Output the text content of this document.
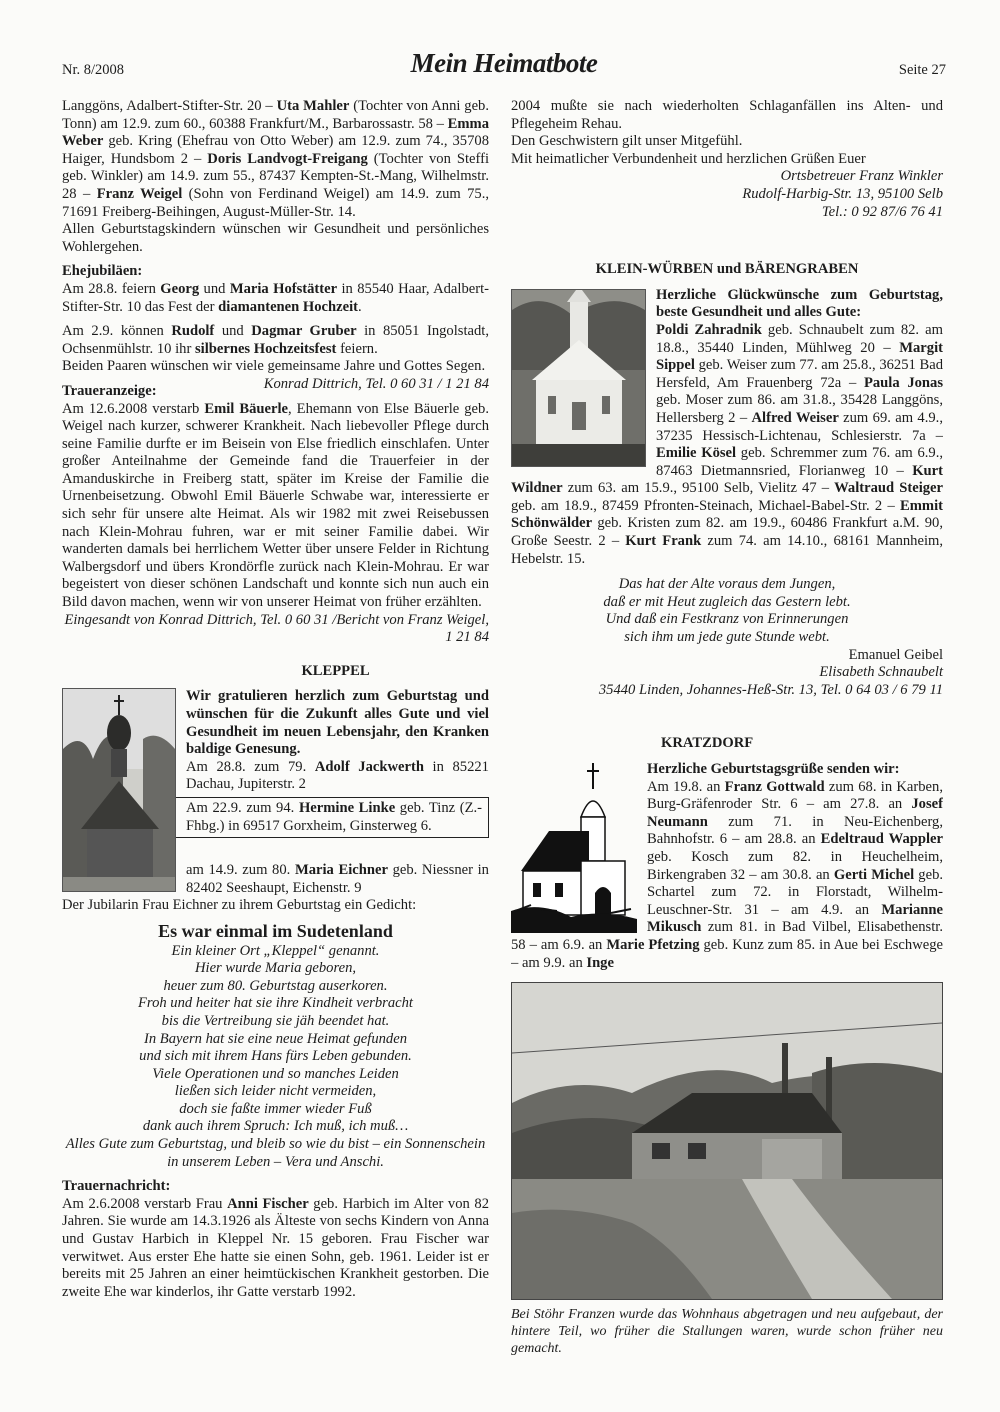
Nr. 8/2008	Mein Heimatbote	Seite 27

Langgöns, Adalbert-Stifter-Str. 20 – Uta Mahler (Tochter von Anni geb. Tonn) am 12.9. zum 60., 60388 Frankfurt/M., Barbarossastr. 58 – Emma Weber geb. Kring (Ehefrau von Otto Weber) am 12.9. zum 74., 35708 Haiger, Hundsbom 2 – Doris Landvogt-Freigang (Tochter von Steffi geb. Winkler) am 14.9. zum 55., 87437 Kempten-St.-Mang, Wilhelmstr. 28 – Franz Weigel (Sohn von Ferdinand Weigel) am 14.9. zum 75., 71691 Freiberg-Beihingen, August-Müller-Str. 14.

Allen Geburtstagskindern wünschen wir Gesundheit und persönliches Wohlergehen.

Ehejubiläen:

Am 28.8. feiern Georg und Maria Hofstätter in 85540 Haar, Adalbert-Stifter-Str. 10 das Fest der diamantenen Hochzeit.

Am 2.9. können Rudolf und Dagmar Gruber in 85051 Ingolstadt, Ochsenmühlstr. 10 ihr silbernes Hochzeitsfest feiern.

Beiden Paaren wünschen wir viele gemeinsame Jahre und Gottes Segen.
Konrad Dittrich, Tel. 0 60 31 / 1 21 84

Traueranzeige:

Am 12.6.2008 verstarb Emil Bäuerle, Ehemann von Else Bäuerle geb. Weigel nach kurzer, schwerer Krankheit. Nach liebevoller Pflege durch seine Familie durfte er im Beisein von Else friedlich einschlafen. Unter großer Anteilnahme der Gemeinde fand die Trauerfeier in der Amanduskirche in Freiberg statt, später im Kreise der Familie die Urnenbeisetzung. Obwohl Emil Bäuerle Schwabe war, interessierte er sich sehr für unsere alte Heimat. Als wir 1982 mit zwei Reisebussen nach Klein-Mohrau fuhren, war er mit seiner Familie dabei. Wir wanderten damals bei herrlichem Wetter über unsere Felder in Richtung Walbergsdorf und übers Krondörfle zurück nach Klein-Mohrau. Er war begeistert von dieser schönen Landschaft und konnte sich nun auch ein Bild davon machen, wenn wir von unserer Heimat von früher erzählten.
Bericht von Franz Weigel,

Eingesandt von Konrad Dittrich, Tel. 0 60 31 / 1 21 84

KLEPPEL

Wir gratulieren herzlich zum Geburtstag und wünschen für die Zukunft alles Gute und viel Gesundheit im neuen Lebensjahr, den Kranken baldige Genesung.

Am 28.8. zum 79. Adolf Jackwerth in 85221 Dachau, Jupiterstr. 2

Am 22.9. zum 94. Hermine Linke geb. Tinz (Z.-Fhbg.) in 69517 Gorxheim, Ginsterweg 6.

am 14.9. zum 80. Maria Eichner geb. Niessner in 82402 Seeshaupt, Eichenstr. 9

Der Jubilarin Frau Eichner zu ihrem Geburtstag ein Gedicht:

Es war einmal im Sudetenland

Ein kleiner Ort „Kleppel“ genannt.

Hier wurde Maria geboren,

heuer zum 80. Geburtstag auserkoren.

Froh und heiter hat sie ihre Kindheit verbracht

bis die Vertreibung sie jäh beendet hat.

In Bayern hat sie eine neue Heimat gefunden

und sich mit ihrem Hans fürs Leben gebunden.

Viele Operationen und so manches Leiden

ließen sich leider nicht vermeiden,

doch sie faßte immer wieder Fuß

dank auch ihrem Spruch: Ich muß, ich muß…

Alles Gute zum Geburtstag, und bleib so wie du bist – ein Sonnenschein in unserem Leben – Vera und Anschi.

Trauernachricht:

Am 2.6.2008 verstarb Frau Anni Fischer geb. Harbich im Alter von 82 Jahren. Sie wurde am 14.3.1926 als Älteste von sechs Kindern von Anna und Gustav Harbich in Kleppel Nr. 15 geboren. Frau Fischer war verwitwet. Aus erster Ehe hatte sie einen Sohn, geb. 1961. Leider ist er bereits mit 25 Jahren an einer heimtückischen Krankheit gestorben. Die zweite Ehe war kinderlos, ihr Gatte verstarb 1992.

2004 mußte sie nach wiederholten Schlaganfällen ins Alten- und Pflegeheim Rehau.

Den Geschwistern gilt unser Mitgefühl.

Mit heimatlicher Verbundenheit und herzlichen Grüßen Euer

Ortsbetreuer Franz Winkler

Rudolf-Harbig-Str. 13, 95100 Selb

Tel.: 0 92 87/6 76 41

KLEIN-WÜRBEN und BÄRENGRABEN

Herzliche Glückwünsche zum Geburtstag, beste Gesundheit und alles Gute:

Poldi Zahradnik geb. Schnaubelt zum 82. am 18.8., 35440 Linden, Mühlweg 20 – Margit Sippel geb. Weiser zum 77. am 25.8., 36251 Bad Hersfeld, Am Frauenberg 72a – Paula Jonas geb. Moser zum 86. am 31.8., 35428 Langgöns, Hellersberg 2 – Alfred Weiser zum 69. am 4.9., 37235 Hessisch-Lichtenau, Schlesierstr. 7a – Emilie Kösel geb. Schremmer zum 76. am 6.9., 87463 Dietmannsried, Florianweg 10 – Kurt Wildner zum 63. am 15.9., 95100 Selb, Vielitz 47 – Waltraud Steiger geb. am 18.9., 87459 Pfronten-Steinach, Michael-Babel-Str. 2 – Emmit Schönwälder geb. Kristen zum 82. am 19.9., 60486 Frankfurt a.M. 90, Große Seestr. 2 – Kurt Frank zum 74. am 14.10., 68161 Mannheim, Hebelstr. 15.

Das hat der Alte voraus dem Jungen,

daß er mit Heut zugleich das Gestern lebt.

Und daß ein Festkranz von Erinnerungen

sich ihm um jede gute Stunde webt.

Emanuel Geibel

Elisabeth Schnaubelt

35440 Linden, Johannes-Heß-Str. 13, Tel. 0 64 03 / 6 79 11

KRATZDORF

Herzliche Geburtstagsgrüße senden wir:

Am 19.8. an Franz Gottwald zum 68. in Karben, Burg-Gräfenroder Str. 6 – am 27.8. an Josef Neumann zum 71. in Neu-Eichenberg, Bahnhofstr. 6 – am 28.8. an Edeltraud Wappler geb. Kosch zum 82. in Heuchelheim, Birkengraben 32 – am 30.8. an Gerti Michel geb. Schartel zum 72. in Florstadt, Wilhelm-Leuschner-Str. 31 – am 4.9. an Marianne Mikusch zum 81. in Bad Vilbel, Elisabethenstr. 58 – am 6.9. an Marie Pfetzing geb. Kunz zum 85. in Aue bei Eschwege – am 9.9. an Inge

Bei Stöhr Franzen wurde das Wohnhaus abgetragen und neu aufgebaut, der hintere Teil, wo früher die Stallungen waren, wurde schon früher neu gemacht.
